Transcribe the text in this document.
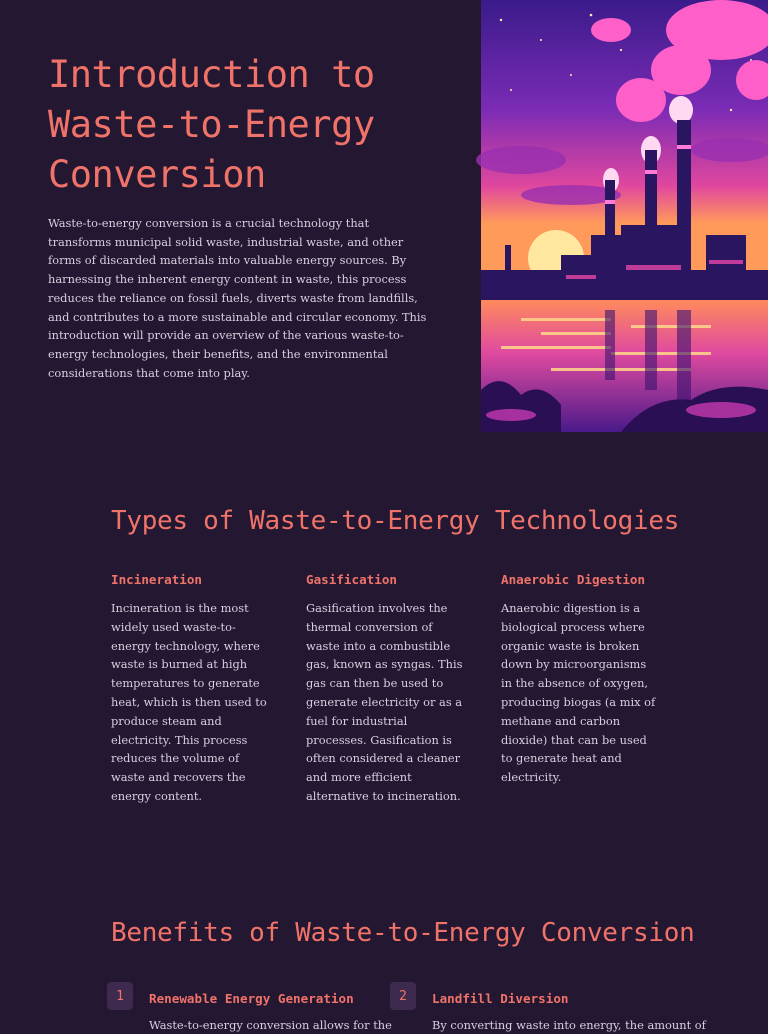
Introduction to Waste-to-Energy Conversion

Waste-to-energy conversion is a crucial technology that transforms municipal solid waste, industrial waste, and other forms of discarded materials into valuable energy sources. By harnessing the inherent energy content in waste, this process reduces the reliance on fossil fuels, diverts waste from landfills, and contributes to a more sustainable and circular economy. This introduction will provide an overview of the various waste-to-energy technologies, their benefits, and the environmental considerations that come into play.

Types of Waste-to-Energy Technologies
Incineration

Incineration is the most widely used waste-to-energy technology, where waste is burned at high temperatures to generate heat, which is then used to produce steam and electricity. This process reduces the volume of waste and recovers the energy content.

Gasification

Gasification involves the thermal conversion of waste into a combustible gas, known as syngas. This gas can then be used to generate electricity or as a fuel for industrial processes. Gasification is often considered a cleaner and more efficient alternative to incineration.

Anaerobic Digestion

Anaerobic digestion is a biological process where organic waste is broken down by microorganisms in the absence of oxygen, producing biogas (a mix of methane and carbon dioxide) that can be used to generate heat and electricity.

Benefits of Waste-to-Energy Conversion
1	Renewable Energy Generation

Waste-to-energy conversion allows for the

2	Landfill Diversion

By converting waste into energy, the amount of
